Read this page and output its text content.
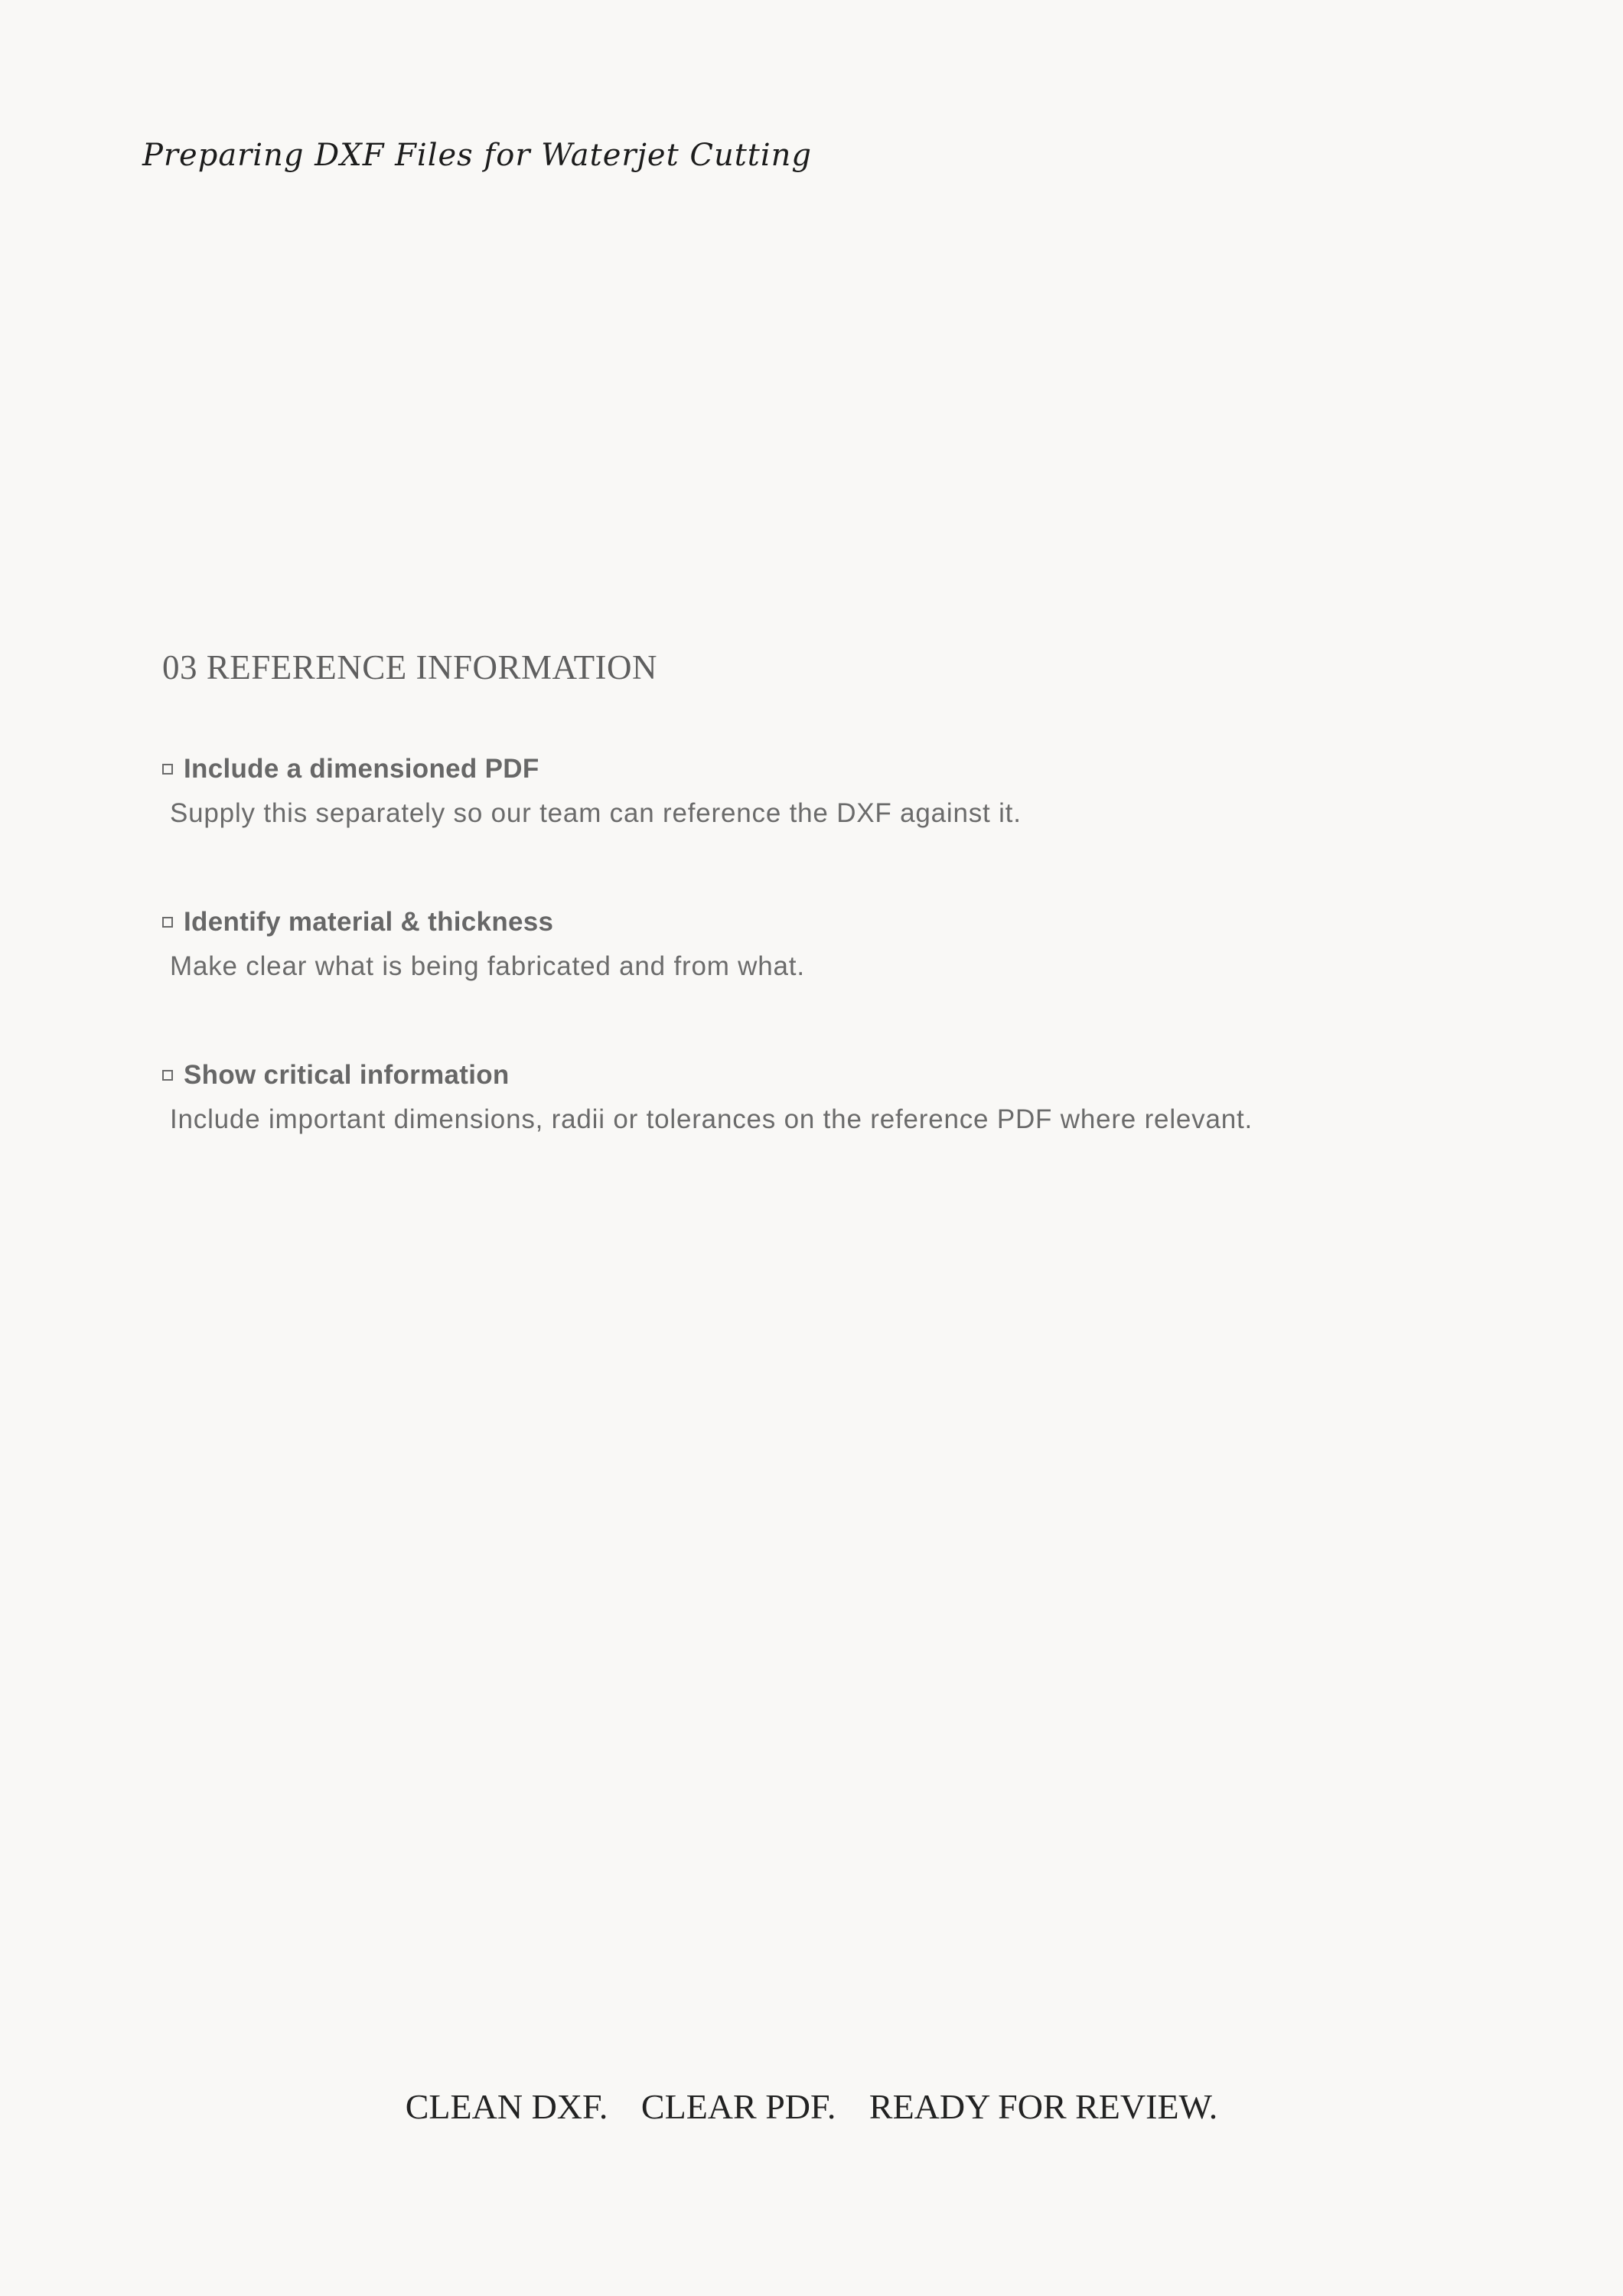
Preparing DXF Files for Waterjet Cutting
03 REFERENCE INFORMATION
Include a dimensioned PDF
Supply this separately so our team can reference the DXF against it.
Identify material & thickness
Make clear what is being fabricated and from what.
Show critical information
Include important dimensions, radii or tolerances on the reference PDF where relevant.
CLEAN DXF. CLEAR PDF. READY FOR REVIEW.
